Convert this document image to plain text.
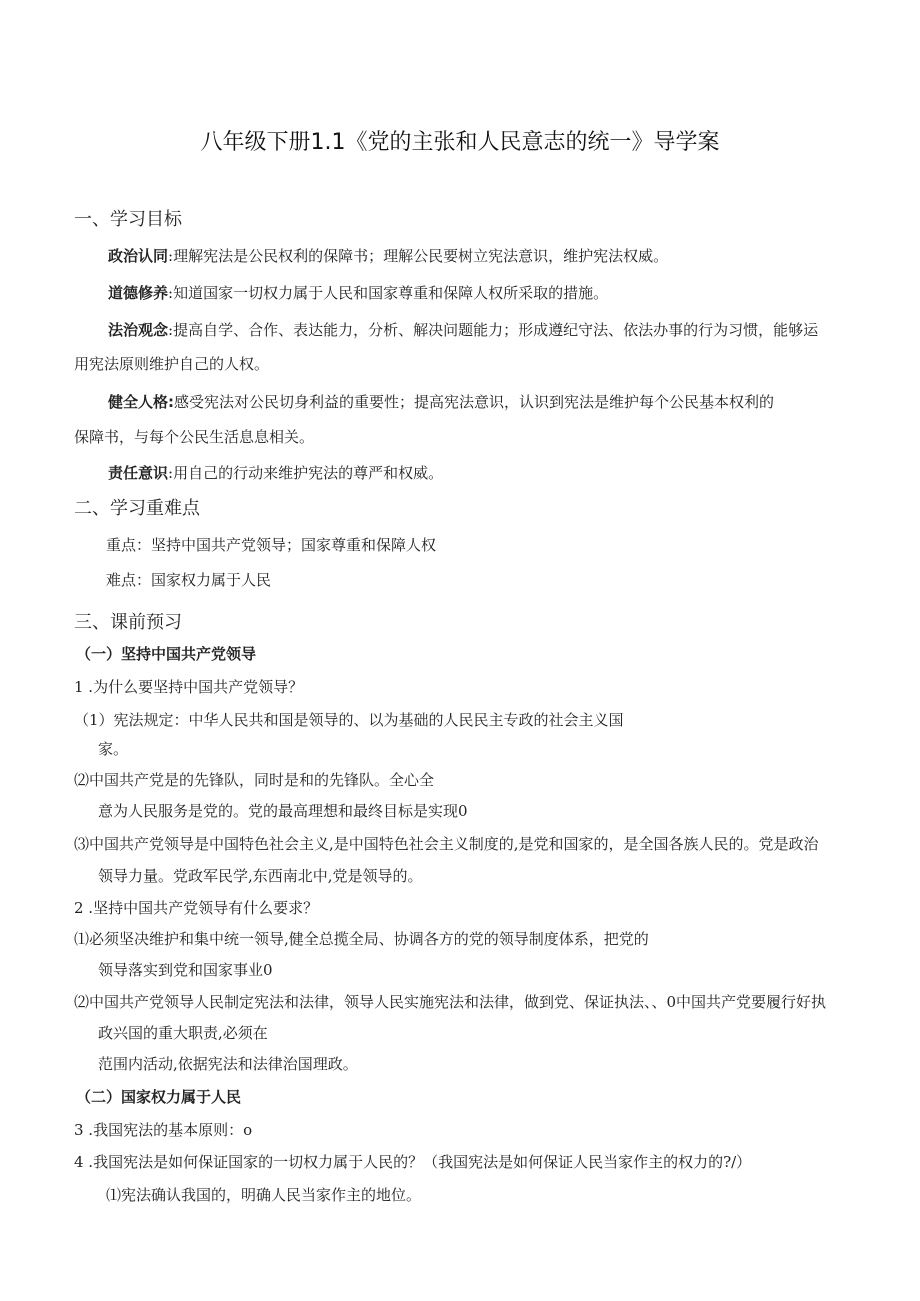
八年级下册1.1《党的主张和人民意志的统一》导学案
一、学习目标
政治认同:理解宪法是公民权利的保障书；理解公民要树立宪法意识，维护宪法权威。
道德修养:知道国家一切权力属于人民和国家尊重和保障人权所采取的措施。
法治观念:提高自学、合作、表达能力，分析、解决问题能力；形成遵纪守法、依法办事的行为习惯，能够运
用宪法原则维护自己的人权。
健全人格:感受宪法对公民切身利益的重要性；提高宪法意识，认识到宪法是维护每个公民基本权利的
保障书，与每个公民生活息息相关。
责任意识:用自己的行动来维护宪法的尊严和权威。
二、学习重难点
重点：坚持中国共产党领导；国家尊重和保障人权
难点：国家权力属于人民
三、课前预习
（一）坚持中国共产党领导
1 .为什么要坚持中国共产党领导？
（1）宪法规定：中华人民共和国是领导的、以为基础的人民民主专政的社会主义国
家。
⑵中国共产党是的先锋队，同时是和的先锋队。全心全
意为人民服务是党的。党的最高理想和最终目标是实现0
⑶中国共产党领导是中国特色社会主义,是中国特色社会主义制度的,是党和国家的，是全国各族人民的。党是政治
领导力量。党政军民学,东西南北中,党是领导的。
2 .坚持中国共产党领导有什么要求？
⑴必须坚决维护和集中统一领导,健全总揽全局、协调各方的党的领导制度体系，把党的
领导落实到党和国家事业0
⑵中国共产党领导人民制定宪法和法律，领导人民实施宪法和法律，做到党、保证执法、、0中国共产党要履行好执
政兴国的重大职责,必须在
范围内活动,依据宪法和法律治国理政。
（二）国家权力属于人民
3 .我国宪法的基本原则：o
4 .我国宪法是如何保证国家的一切权力属于人民的？（我国宪法是如何保证人民当家作主的权力的?/）
⑴宪法确认我国的，明确人民当家作主的地位。
